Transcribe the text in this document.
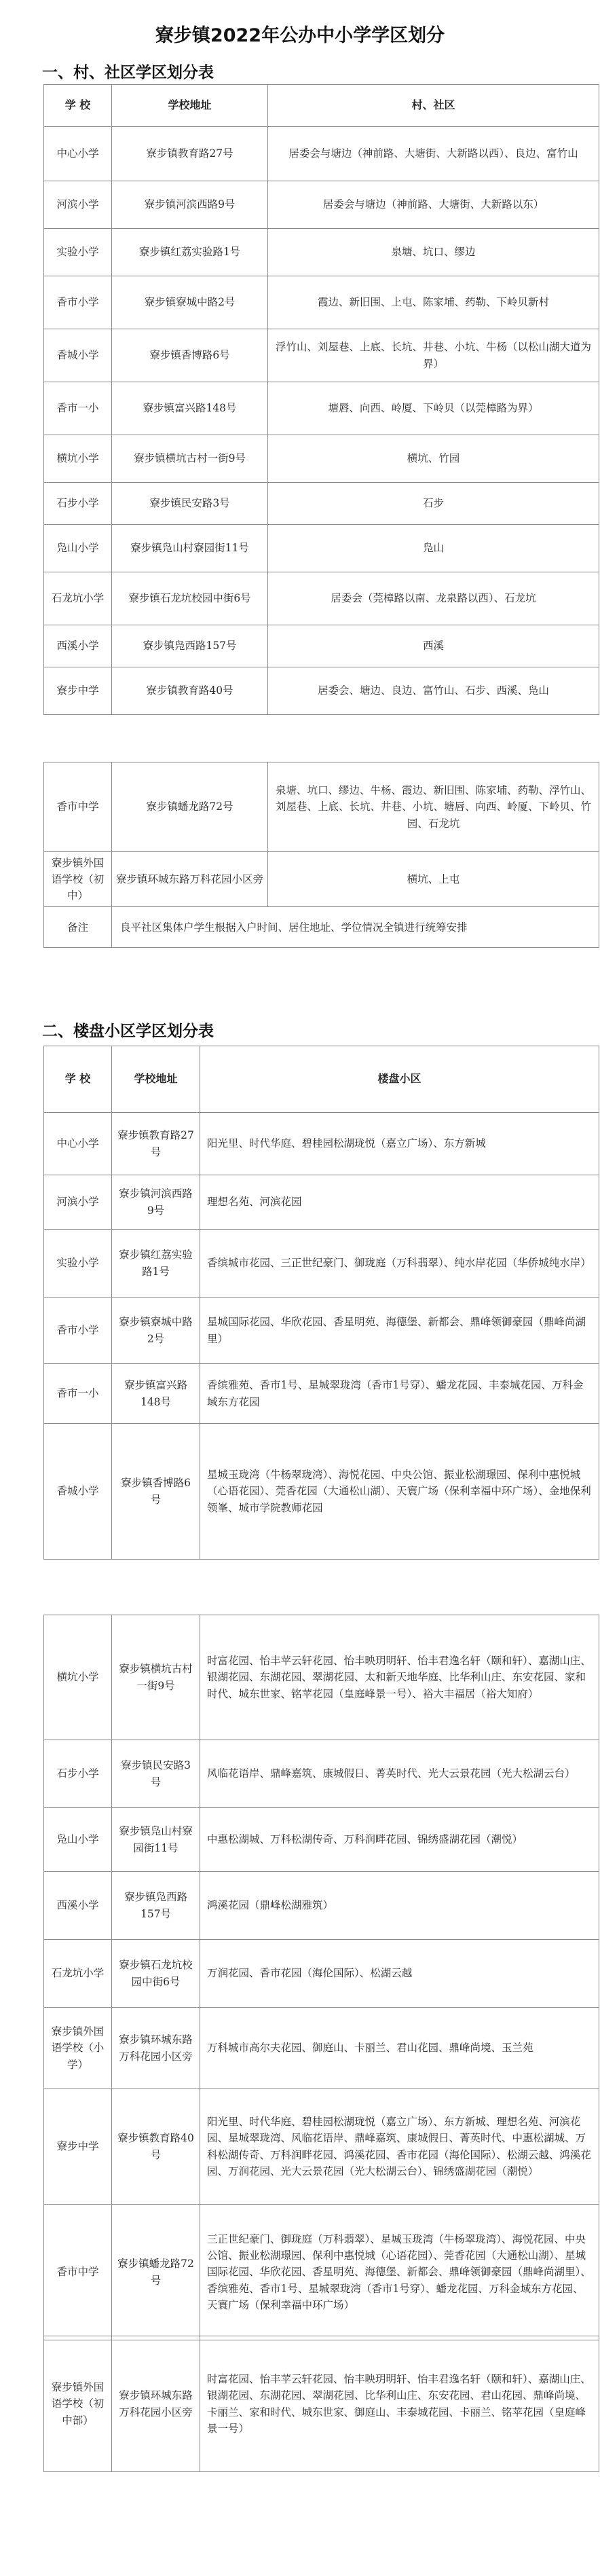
寮步镇2022年公办中小学学区划分
一、村、社区学区划分表
学 校	学校地址	村、社区
中心小学	寮步镇教育路27号	居委会与塘边（神前路、大塘街、大新路以西）、良边、富竹山
河滨小学	寮步镇河滨西路9号	居委会与塘边（神前路、大塘街、大新路以东）
实验小学	寮步镇红荔实验路1号	泉塘、坑口、缪边
香市小学	寮步镇寮城中路2号	霞边、新旧围、上屯、陈家埔、药勒、下岭贝新村
香城小学	寮步镇香博路6号	浮竹山、刘屋巷、上底、长坑、井巷、小坑、牛杨（以松山湖大道为界）
香市一小	寮步镇富兴路148号	塘唇、向西、岭厦、下岭贝（以莞樟路为界）
横坑小学	寮步镇横坑古村一街9号	横坑、竹园
石步小学	寮步镇民安路3号	石步
凫山小学	寮步镇凫山村寮园街11号	凫山
石龙坑小学	寮步镇石龙坑校园中街6号	居委会（莞樟路以南、龙泉路以西）、石龙坑
西溪小学	寮步镇凫西路157号	西溪
寮步中学	寮步镇教育路40号	居委会、塘边、良边、富竹山、石步、西溪、凫山
香市中学	寮步镇蟠龙路72号	泉塘、坑口、缪边、牛杨、霞边、新旧围、陈家埔、药勒、浮竹山、刘屋巷、上底、长坑、井巷、小坑、塘唇、向西、岭厦、下岭贝、竹园、石龙坑
寮步镇外国语学校（初中）	寮步镇环城东路万科花园小区旁	横坑、上屯
备注	良平社区集体户学生根据入户时间、居住地址、学位情况全镇进行统筹安排	
二、楼盘小区学区划分表
学 校	学校地址	楼盘小区
中心小学	寮步镇教育路27号	阳光里、时代华庭、碧桂园松湖珑悦（嘉立广场）、东方新城
河滨小学	寮步镇河滨西路9号	理想名苑、河滨花园
实验小学	寮步镇红荔实验路1号	香缤城市花园、三正世纪豪门、御珑庭（万科翡翠）、纯水岸花园（华侨城纯水岸）
香市小学	寮步镇寮城中路2号	星城国际花园、华欣花园、香星明苑、海德堡、新都会、鼎峰领御豪园（鼎峰尚湖里）
香市一小	寮步镇富兴路148号	香缤雅苑、香市1号、星城翠珑湾（香市1号穿）、蟠龙花园、丰泰城花园、万科金域东方花园
香城小学	寮步镇香博路6号	星城玉珑湾（牛杨翠珑湾）、海悦花园、中央公馆、振业松湖璟园、保利中惠悦城（心语花园）、莞香花园（大通松山湖）、天寰广场（保利幸福中环广场）、金地保利领峯、城市学院教师花园
横坑小学	寮步镇横坑古村一街9号	时富花园、怡丰苹云轩花园、怡丰映玥明轩、怡丰君逸名轩（颐和轩）、嘉湖山庄、银湖花园、东湖花园、翠湖花园、太和新天地华庭、比华利山庄、东安花园、家和时代、城东世家、铭苹花园（皇庭峰景一号）、裕大丰福居（裕大知府）
石步小学	寮步镇民安路3号	风临花语岸、鼎峰嘉筑、康城假日、菁英时代、光大云景花园（光大松湖云台）
凫山小学	寮步镇凫山村寮园街11号	中惠松湖城、万科松湖传奇、万科润畔花园、锦绣盛湖花园（潮悦）
西溪小学	寮步镇凫西路157号	鸿溪花园（鼎峰松湖雅筑）
石龙坑小学	寮步镇石龙坑校园中街6号	万润花园、香市花园（海伦国际）、松湖云越
寮步镇外国语学校（小学）	寮步镇环城东路万科花园小区旁	万科城市高尔夫花园、御庭山、卡丽兰、君山花园、鼎峰尚境、玉兰苑
寮步中学	寮步镇教育路40号	阳光里、时代华庭、碧桂园松湖珑悦（嘉立广场）、东方新城、理想名苑、河滨花园、星城翠珑湾、风临花语岸、鼎峰嘉筑、康城假日、菁英时代、中惠松湖城、万科松湖传奇、万科润畔花园、鸿溪花园、香市花园（海伦国际）、松湖云越、鸿溪花园、万润花园、光大云景花园（光大松湖云台）、锦绣盛湖花园（潮悦）
香市中学	寮步镇蟠龙路72号	三正世纪豪门、御珑庭（万科翡翠）、星城玉珑湾（牛杨翠珑湾）、海悦花园、中央公馆、振业松湖璟园、保利中惠悦城（心语花园）、莞香花园（大通松山湖）、星城国际花园、华欣花园、香星明苑、海德堡、新都会、鼎峰领御豪园（鼎峰尚湖里）、香缤雅苑、香市1号、星城翠珑湾（香市1号穿）、蟠龙花园、万科金域东方花园、天寰广场（保利幸福中环广场）
寮步镇外国语学校（初中部）	寮步镇环城东路万科花园小区旁	时富花园、怡丰苹云轩花园、怡丰映玥明轩、怡丰君逸名轩（颐和轩）、嘉湖山庄、银湖花园、东湖花园、翠湖花园、比华利山庄、东安花园、君山花园、鼎峰尚境、卡丽兰、家和时代、城东世家、御庭山、丰泰城花园、卡丽兰、铭苹花园（皇庭峰景一号）
